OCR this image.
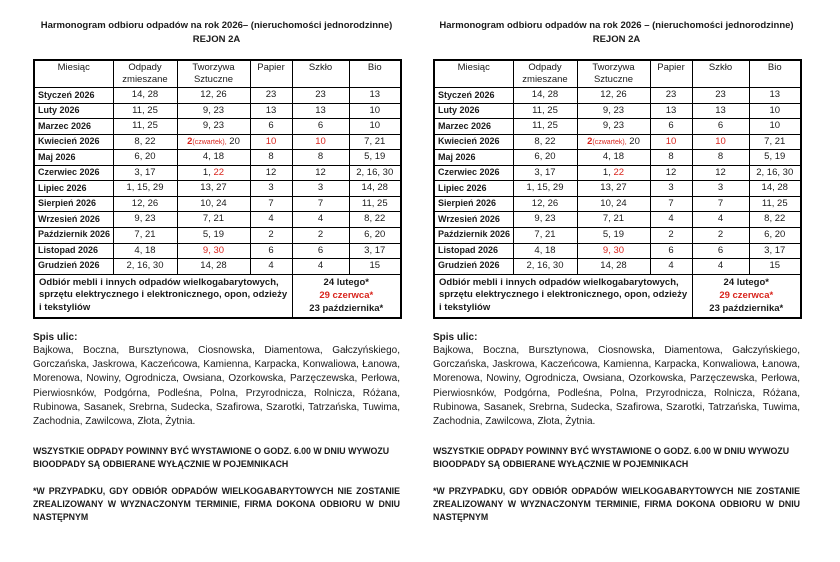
Harmonogram odbioru odpadów na rok 2026– (nieruchomości jednorodzinne)
REJON 2A
Miesiąc	Odpady zmieszane	Tworzywa Sztuczne	Papier	Szkło	Bio
Styczeń 2026	14, 28	12, 26	23	23	13
Luty 2026	11, 25	9, 23	13	13	10
Marzec 2026	11, 25	9, 23	6	6	10
Kwiecień 2026	8, 22	2(czwartek), 20	10	10	7, 21
Maj 2026	6, 20	4, 18	8	8	5, 19
Czerwiec 2026	3, 17	1, 22	12	12	2, 16, 30
Lipiec 2026	1, 15, 29	13, 27	3	3	14, 28
Sierpień 2026	12, 26	10, 24	7	7	11, 25
Wrzesień 2026	9, 23	7, 21	4	4	8, 22
Październik 2026	7, 21	5, 19	2	2	6, 20
Listopad 2026	4, 18	9, 30	6	6	3, 17
Grudzień 2026	2, 16, 30	14, 28	4	4	15
Odbiór mebli i innych odpadów wielkogabarytowych, sprzętu elektrycznego i elektronicznego, opon, odzieży i tekstyliów				24 lutego*
29 czerwca*
23 października*	
Spis ulic:

Bajkowa, Boczna, Bursztynowa, Ciosnowska, Diamentowa, Gałczyńskiego, Gorczańska, Jaskrowa, Kaczeńcowa, Kamienna, Karpacka, Konwaliowa, Łanowa, Morenowa, Nowiny, Ogrodnicza, Owsiana, Ozorkowska, Parzęczewska, Perłowa, Pierwiosnków, Podgórna, Podleśna, Polna, Przyrodnicza, Rolnicza, Różana, Rubinowa, Sasanek, Srebrna, Sudecka, Szafirowa, Szarotki, Tatrzańska, Tuwima, Zachodnia, Zawilcowa, Złota, Żytnia.

WSZYSTKIE ODPADY POWINNY BYĆ WYSTAWIONE O GODZ. 6.00 W DNIU WYWOZU
BIOODPADY SĄ ODBIERANE WYŁĄCZNIE W POJEMNIKACH

*W PRZYPADKU, GDY ODBIÓR ODPADÓW WIELKOGABARYTOWYCH NIE ZOSTANIE ZREALIZOWANY W WYZNACZONYM TERMINIE, FIRMA DOKONA ODBIORU W DNIU NASTĘPNYM

Harmonogram odbioru odpadów na rok 2026 – (nieruchomości jednorodzinne)
REJON 2A
Miesiąc	Odpady zmieszane	Tworzywa Sztuczne	Papier	Szkło	Bio
Styczeń 2026	14, 28	12, 26	23	23	13
Luty 2026	11, 25	9, 23	13	13	10
Marzec 2026	11, 25	9, 23	6	6	10
Kwiecień 2026	8, 22	2(czwartek), 20	10	10	7, 21
Maj 2026	6, 20	4, 18	8	8	5, 19
Czerwiec 2026	3, 17	1, 22	12	12	2, 16, 30
Lipiec 2026	1, 15, 29	13, 27	3	3	14, 28
Sierpień 2026	12, 26	10, 24	7	7	11, 25
Wrzesień 2026	9, 23	7, 21	4	4	8, 22
Październik 2026	7, 21	5, 19	2	2	6, 20
Listopad 2026	4, 18	9, 30	6	6	3, 17
Grudzień 2026	2, 16, 30	14, 28	4	4	15
Odbiór mebli i innych odpadów wielkogabarytowych, sprzętu elektrycznego i elektronicznego, opon, odzieży i tekstyliów				24 lutego*
29 czerwca*
23 października*	
Spis ulic:

Bajkowa, Boczna, Bursztynowa, Ciosnowska, Diamentowa, Gałczyńskiego, Gorczańska, Jaskrowa, Kaczeńcowa, Kamienna, Karpacka, Konwaliowa, Łanowa, Morenowa, Nowiny, Ogrodnicza, Owsiana, Ozorkowska, Parzęczewska, Perłowa, Pierwiosnków, Podgórna, Podleśna, Polna, Przyrodnicza, Rolnicza, Różana, Rubinowa, Sasanek, Srebrna, Sudecka, Szafirowa, Szarotki, Tatrzańska, Tuwima, Zachodnia, Zawilcowa, Złota, Żytnia.

WSZYSTKIE ODPADY POWINNY BYĆ WYSTAWIONE O GODZ. 6.00 W DNIU WYWOZU
BIOODPADY SĄ ODBIERANE WYŁĄCZNIE W POJEMNIKACH

*W PRZYPADKU, GDY ODBIÓR ODPADÓW WIELKOGABARYTOWYCH NIE ZOSTANIE ZREALIZOWANY W WYZNACZONYM TERMINIE, FIRMA DOKONA ODBIORU W DNIU NASTĘPNYM
